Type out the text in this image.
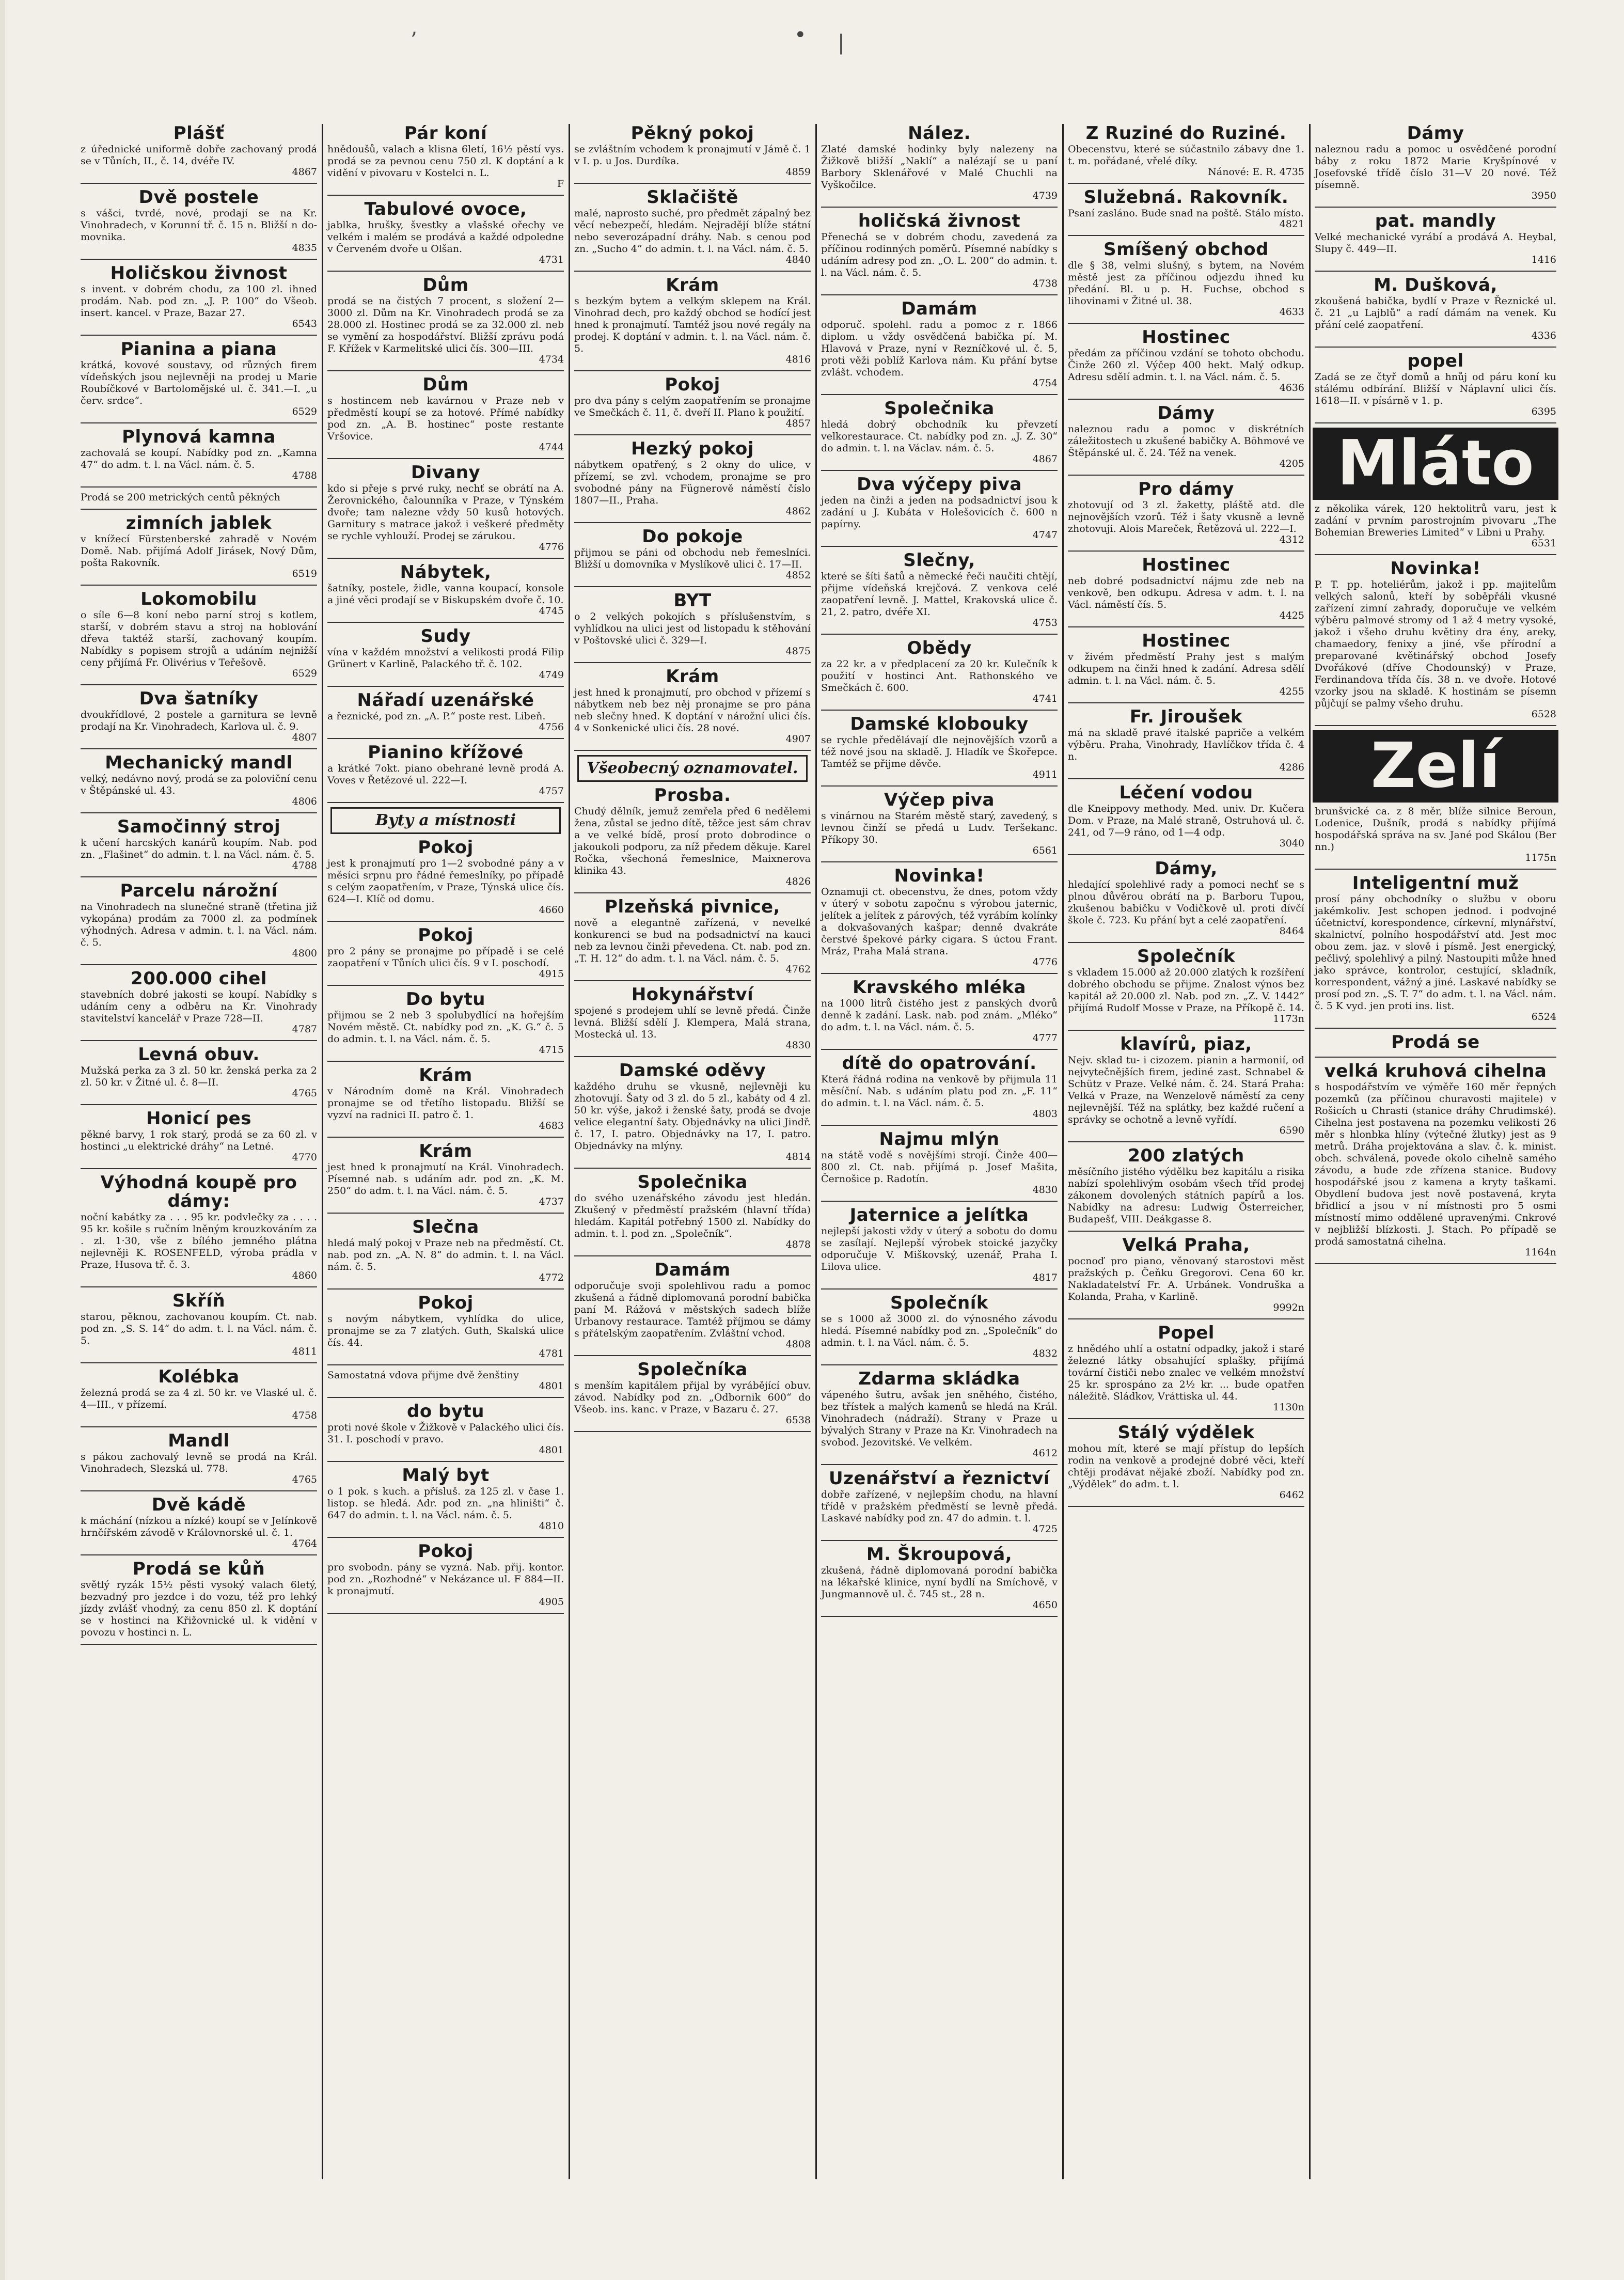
’	• |
Plášť

z úřednické uniformě dobře zachovaný prodá se v Tůních, II., č. 14, dvéře IV.

4867
Dvě postele

s vášci, tvrdé, nové, prodají se na Kr. Vinohradech, v Korunní tř. č. 15 n. Bližší n do-movnika.

4835
Holičskou živnost

s invent. v dobrém chodu, za 100 zl. ihned prodám. Nab. pod zn. „J. P. 100“ do Všeob. insert. kancel. v Praze, Bazar 27.

6543
Pianina a piana

krátká, kovové soustavy, od různých firem vídeňských jsou nejlevněji na prodej u Marie Roubíčkové v Bartolomějské ul. č. 341.—I. „u červ. srdce“.

6529
Plynová kamna

zachovalá se koupí. Nabídky pod zn. „Kamna 47“ do adm. t. l. na Václ. nám. č. 5.

4788

Prodá se 200 metrických centů pěkných

zimních jablek

v knížecí Fürstenberské zahradě v Novém Domě. Nab. přijímá Adolf Jirásek, Nový Dům, pošta Rakovník.

6519
Lokomobilu

o síle 6—8 koní nebo parní stroj s kotlem, starší, v dobrém stavu a stroj na hoblování dřeva taktéž starší, zachovaný koupím. Nabídky s popisem strojů a udáním nejnižší ceny přijímá Fr. Olivérius v Teřešově.

6529
Dva šatníky

dvoukřídlové, 2 postele a garnitura se levně prodají na Kr. Vinohradech, Karlova ul. č. 9.

4807
Mechanický mandl

velký, nedávno nový, prodá se za poloviční cenu v Štěpánské ul. 43.

4806
Samočinný stroj

k učení harcských kanárů koupím. Nab. pod zn. „Flašinet“ do admin. t. l. na Václ. nám. č. 5.

4788
Parcelu nárožní

na Vinohradech na slunečné straně (třetina již vykopána) prodám za 7000 zl. za podmínek výhodných. Adresa v admin. t. l. na Václ. nám. č. 5.

4800
200.000 cihel

stavebních dobré jakosti se koupí. Nabídky s udáním ceny a odběru na Kr. Vinohrady stavitelství kancelář v Praze 728—II.

4787
Levná obuv.

Mužská perka za 3 zl. 50 kr. ženská perka za 2 zl. 50 kr. v Žitné ul. č. 8—II.

4765
Honicí pes

pěkné barvy, 1 rok starý, prodá se za 60 zl. v hostinci „u elektrické dráhy“ na Letné.

4770
Výhodná koupě pro dámy:

noční kabátky za . . . 95 kr. podvlečky za . . . . 95 kr. košile s ručním lněným krouzkováním za . zl. 1·30, vše z bílého jemného plátna nejlevněji K. ROSENFELD, výroba prádla v Praze, Husova tř. č. 3.

4860
Skříň

starou, pěknou, zachovanou koupím. Ct. nab. pod zn. „S. S. 14“ do adm. t. l. na Václ. nám. č. 5.

4811
Kolébka

železná prodá se za 4 zl. 50 kr. ve Vlaské ul. č. 4—III., v přízemí.

4758
Mandl

s pákou zachovalý levně se prodá na Král. Vinohradech, Slezská ul. 778.

4765
Dvě kádě

k máchání (nízkou a nízké) koupí se v Jelínkově hrnčířském závodě v Královnorské ul. č. 1.

4764
Prodá se kůň

světlý ryzák 15½ pěsti vysoký valach 6letý, bezvadný pro jezdce i do vozu, též pro lehký jízdy zvlášť vhodný, za cenu 850 zl. K doptání se v hostinci na Křižovnické ul. k vidění v povozu v hostinci n. L.

Pár koní

hnědoušů, valach a klisna 6letí, 16½ pěstí vys. prodá se za pevnou cenu 750 zl. K doptání a k vidění v pivovaru v Kostelci n. L.

F
Tabulové ovoce,

jablka, hrušky, švestky a vlašské ořechy ve velkém i malém se prodává a každé odpoledne v Červeném dvoře u Olšan.

4731
Dům

prodá se na čistých 7 procent, s složení 2—3000 zl. Dům na Kr. Vinohradech prodá se za 28.000 zl. Hostinec prodá se za 32.000 zl. neb se vymění za hospodářství. Bližší zprávu podá F. Křížek v Karmelitské ulici čís. 300—III.

4734
Dům

s hostincem neb kavárnou v Praze neb v předměstí koupí se za hotové. Přímé nabídky pod zn. „A. B. hostinec“ poste restante Vršovice.

4744
Divany

kdo si přeje s prvé ruky, nechť se obrátí na A. Žerovnického, čalounníka v Praze, v Týnském dvoře; tam nalezne vždy 50 kusů hotových. Garnitury s matrace jakož i veškeré předměty se rychle vyhlouží. Prodej se zárukou.

4776
Nábytek,

šatníky, postele, židle, vanna koupací, konsole a jiné věci prodají se v Biskupském dvoře č. 10.

4745
Sudy

vína v každém množství a velikosti prodá Filip Grünert v Karlině, Palackého tř. č. 102.

4749
Nářadí uzenářské

a řeznické, pod zn. „A. P.“ poste rest. Libeň.

4756
Pianino křížové

a krátké 7okt. piano obehrané levně prodá A. Voves v Řetězové ul. 222—I.

4757
Byty a místnosti
Pokoj

jest k pronajmutí pro 1—2 svobodné pány a v měsíci srpnu pro řádné řemeslníky, po případě s celým zaopatřením, v Praze, Týnská ulice čís. 624—I. Klíč od domu.

4660
Pokoj

pro 2 pány se pronajme po případě i se celé zaopatření v Tůních ulici čís. 9 v I. poschodí.

4915
Do bytu

přijmou se 2 neb 3 spolubydlící na hořejším Novém městě. Ct. nabídky pod zn. „K. G.“ č. 5 do admin. t. l. na Václ. nám. č. 5.

4715
Krám

v Národním domě na Král. Vinohradech pronajme se od třetího listopadu. Bližší se vyzví na radnici II. patro č. 1.

4683
Krám

jest hned k pronajmutí na Král. Vinohradech. Písemné nab. s udáním adr. pod zn. „K. M. 250“ do adm. t. l. na Václ. nám. č. 5.

4737
Slečna

hledá malý pokoj v Praze neb na předměstí. Ct. nab. pod zn. „A. N. 8“ do admin. t. l. na Václ. nám. č. 5.

4772
Pokoj

s novým nábytkem, vyhlídka do ulice, pronajme se za 7 zlatých. Guth, Skalská ulice čís. 44.

4781

Samostatná vdova přijme dvě ženštiny

4801
do bytu

proti nové škole v Žižkově v Palackého ulici čís. 31. I. poschodí v pravo.

4801
Malý byt

o 1 pok. s kuch. a přísluš. za 125 zl. v čase 1. listop. se hledá. Adr. pod zn. „na hliništi“ č. 647 do admin. t. l. na Václ. nám. č. 5.

4810
Pokoj

pro svobodn. pány se vyzná. Nab. přij. kontor. pod zn. „Rozhodné“ v Nekázance ul. F 884—II. k pronajmutí.

4905
Pěkný pokoj

se zvláštním vchodem k pronajmutí v Jámě č. 1 v I. p. u Jos. Durdíka.

4859
Sklačiště

malé, naprosto suché, pro předmět zápalný bez věcí nebezpečí, hledám. Nejradějí blíže státní nebo severozápadní dráhy. Nab. s cenou pod zn. „Sucho 4“ do admin. t. l. na Václ. nám. č. 5.

4840
Krám

s bezkým bytem a velkým sklepem na Král. Vinohrad dech, pro každý obchod se hodící jest hned k pronajmutí. Tamtéž jsou nové regály na prodej. K doptání v admin. t. l. na Václ. nám. č. 5.

4816
Pokoj

pro dva pány s celým zaopatřením se pronajme ve Smečkách č. 11, č. dveří II. Plano k použití.

4857
Hezký pokoj

nábytkem opatřený, s 2 okny do ulice, v přízemí, se zvl. vchodem, pronajme se pro svobodné pány na Fügnerově náměstí číslo 1807—II., Praha.

4862
Do pokoje

přijmou se páni od obchodu neb řemeslníci. Bližší u domovníka v Myslíkově ulici č. 17—II.

4852
BYT

o 2 velkých pokojích s příslušenstvím, s vyhlídkou na ulici jest od listopadu k stěhování v Poštovské ulici č. 329—I.

4875
Krám

jest hned k pronajmutí, pro obchod v přízemí s nábytkem neb bez něj pronajme se pro pána neb slečny hned. K doptání v nárožní ulici čís. 4 v Sonkenické ulici čís. 28 nové.

4907
Všeobecný oznamovatel.
Prosba.

Chudý dělník, jemuž zemřela před 6 nedělemi žena, zůstal se jedno dítě, těžce jest sám chrav a ve velké bídě, prosí proto dobrodince o jakoukoli podporu, za níž předem děkuje. Karel Ročka, všechoná řemeslnice, Maixnerova klinika 43.

4826
Plzeňská pivnice,

nově a elegantně zařízená, v nevelké konkurenci se bud na podsadnictví na kauci neb za levnou činži převedena. Ct. nab. pod zn. „T. H. 12“ do adm. t. l. na Václ. nám. č. 5.

4762
Hokynářství

spojené s prodejem uhlí se levně předá. Činže levná. Bližší sdělí J. Klempera, Malá strana, Mostecká ul. 13.

4830
Damské oděvy

každého druhu se vkusně, nejlevněji ku zhotovují. Šaty od 3 zl. do 5 zl., kabáty od 4 zl. 50 kr. výše, jakož i ženské šaty, prodá se dvoje velice elegantní šaty. Objednávky na ulici Jindř. č. 17, I. patro. Objednávky na 17, I. patro. Objednávky na mlýny.

4814
Společnika

do svého uzenářského závodu jest hledán. Zkušený v předměstí pražském (hlavní třída) hledám. Kapitál potřebný 1500 zl. Nabídky do admin. t. l. pod zn. „Společník“.

4878
Damám

odporučuje svoji spolehlivou radu a pomoc zkušená a řádně diplomovaná porodní babička paní M. Rážová v městských sadech blíže Urbanovy restaurace. Tamtéž příjmou se dámy s přátelským zaopatřením. Zvláštní vchod.

4808
Společníka

s menším kapitálem přijal by vyrábějící obuv. závod. Nabídky pod zn. „Odbornik 600“ do Všeob. ins. kanc. v Praze, v Bazaru č. 27.

6538
Nález.

Zlaté damské hodinky byly nalezeny na Žižkově bližší „Naklí“ a nalézají se u paní Barbory Sklenářové v Malé Chuchli na Vyškočilce.

4739
holičská živnost

Přenechá se v dobrém chodu, zavedená za příčinou rodinných poměrů. Písemné nabídky s udáním adresy pod zn. „O. L. 200“ do admin. t. l. na Václ. nám. č. 5.

4738
Damám

odporuč. spolehl. radu a pomoc z r. 1866 diplom. u vždy osvědčená babička pí. M. Hlavová v Praze, nyní v Rezníčkové ul. č. 5, proti věži poblíž Karlova nám. Ku přání bytse zvlášt. vchodem.

4754
Společnika

hledá dobrý obchodník ku převzetí velkorestaurace. Ct. nabídky pod zn. „J. Z. 30“ do admin. t. l. na Václav. nám. č. 5.

4867
Dva výčepy piva

jeden na činži a jeden na podsadnictví jsou k zadání u J. Kubáta v Holešovicích č. 600 n papírny.

4747
Slečny,

které se šíti šatů a německé řeči naučiti chtějí, přijme vídeňská krejčová. Z venkova celé zaopatření levně. J. Mattel, Krakovská ulice č. 21, 2. patro, dvéře XI.

4753
Obědy

za 22 kr. a v předplacení za 20 kr. Kulečník k použití v hostinci Ant. Rathonského ve Smečkách č. 600.

4741
Damské klobouky

se rychle předělávají dle nejnovějších vzorů a též nové jsou na skladě. J. Hladík ve Škořepce. Tamtéž se přijme děvče.

4911
Výčep piva

s vinárnou na Starém městě starý, zavedený, s levnou činží se předá u Ludv. Teršekanc. Příkopy 30.

6561
Novinka!

Oznamuji ct. obecenstvu, že dnes, potom vždy v úterý v sobotu započnu s výrobou jaternic, jelítek a jelítek z párových, též vyrábím kolínky a dokvašovaných kašpar; denně dvakráte čerstvé špekové párky cigara. S úctou Frant. Mráz, Praha Malá strana.

4776
Kravského mléka

na 1000 litrů čistého jest z panských dvorů denně k zadání. Lask. nab. pod znám. „Mléko“ do adm. t. l. na Václ. nám. č. 5.

4777
dítě do opatrování.

Která řádná rodina na venkově by přijmula 11 měsíční. Nab. s udáním platu pod zn. „F. 11“ do admin. t. l. na Václ. nám. č. 5.

4803
Najmu mlýn

na státě vodě s novějšími strojí. Činže 400—800 zl. Ct. nab. přijímá p. Josef Mašita, Černošice p. Radotín.

4830
Jaternice a jelítka

nejlepší jakosti vždy v úterý a sobotu do domu se zasílají. Nejlepší výrobek stoické jazyčky odporučuje V. Miškovský, uzenář, Praha I. Lilova ulice.

4817
Společník

se s 1000 až 3000 zl. do výnosného závodu hledá. Písemné nabídky pod zn. „Společník“ do admin. t. l. na Václ. nám. č. 5.

4832
Zdarma skládka

vápeného šutru, avšak jen sněhého, čistého, bez třístek a malých kamenů se hledá na Král. Vinohradech (nádraží). Strany v Praze u bývalých Strany v Praze na Kr. Vinohradech na svobod. Jezovitské. Ve velkém.

4612
Uzenářství a řeznictví

dobře zařízené, v nejlepším chodu, na hlavní třídě v pražském předměstí se levně předá. Laskavé nabídky pod zn. 47 do admin. t. l.

4725
M. Škroupová,

zkušená, řádně diplomovaná porodní babička na lékařské klinice, nyní bydlí na Smíchově, v Jungmannově ul. č. 745 st., 28 n.

4650
Z Ruziné do Ruziné.

Obecenstvu, které se súčastnilo zábavy dne 1. t. m. pořádané, vřelé díky.

Nánové: E. R. 4735
Služebná. Rakovník.

Psaní zasláno. Bude snad na poště. Stálo místo.

4821
Smíšený obchod

dle § 38, velmi slušný, s bytem, na Novém městě jest za příčinou odjezdu ihned ku předání. Bl. u p. H. Fuchse, obchod s lihovinami v Žitné ul. 38.

4633
Hostinec

předám za příčinou vzdání se tohoto obchodu. Činže 260 zl. Výčep 400 hekt. Malý odkup. Adresu sdělí admin. t. l. na Václ. nám. č. 5.

4636
Dámy

naleznou radu a pomoc v diskrétních záležitostech u zkušené babičky A. Böhmové ve Štěpánské ul. č. 24. Též na venek.

4205
Pro dámy

zhotovují od 3 zl. žaketty, pláště atd. dle nejnovějších vzorů. Též i šaty vkusně a levně zhotovuji. Alois Mareček, Řetězová ul. 222—I.

4312
Hostinec

neb dobré podsadnictví nájmu zde neb na venkově, ben odkupu. Adresa v adm. t. l. na Václ. náměstí čís. 5.

4425
Hostinec

v živém předměstí Prahy jest s malým odkupem na činži hned k zadání. Adresa sdělí admin. t. l. na Václ. nám. č. 5.

4255
Fr. Jiroušek

má na skladě pravé italské papriče a velkém výběru. Praha, Vinohrady, Havlíčkov třída č. 4 n.

4286
Léčení vodou

dle Kneippovy methody. Med. univ. Dr. Kučera Dom. v Praze, na Malé straně, Ostruhová ul. č. 241, od 7—9 ráno, od 1—4 odp.

3040
Dámy,

hledající spolehlivé rady a pomoci nechť se s plnou důvěrou obrátí na p. Barboru Tupou, zkušenou babičku v Vodičkově ul. proti dívčí škole č. 723. Ku přání byt a celé zaopatření.

8464
Společník

s vkladem 15.000 až 20.000 zlatých k rozšíření dobrého obchodu se přijme. Znalost výnos bez kapitál až 20.000 zl. Nab. pod zn. „Z. V. 1442“ přijímá Rudolf Mosse v Praze, na Příkopě č. 14.

1173n
klavírů, piaz,

Nejv. sklad tu- i cizozem. pianin a harmonií, od nejvytečnějších firem, jediné zast. Schnabel & Schütz v Praze. Velké nám. č. 24. Stará Praha: Velká v Praze, na Wenzelově náměstí za ceny nejlevnější. Též na splátky, bez každé ručení a správky se ochotně a levně vyřídí.

6590
200 zlatých

měsíčního jistého výdělku bez kapitálu a risika nabízí spolehlivým osobám všech tříd prodej zákonem dovolených státních papírů a los. Nabídky na adresu: Ludwig Österreicher, Budapešť, VIII. Deákgasse 8.

Velká Praha,

pocnoď pro piano, věnovaný starostovi měst pražských p. Čeňku Gregorovi. Cena 60 kr. Nakladatelství Fr. A. Urbánek. Vondruška a Kolanda, Praha, v Karlině.

9992n
Popel

z hnědého uhlí a ostatní odpadky, jakož i staré železné látky obsahující splašky, přijímá tovární čističi nebo znalec ve velkém množství 25 kr. sprospáno za 2½ kr. ... bude opatřen náležitě. Sládkov, Vráttiska ul. 44.

1130n
Stálý výdělek

mohou mít, které se mají přístup do lepších rodin na venkově a prodejné dobré věci, kteří chtěji prodávat nějaké zboží. Nabídky pod zn. „Výdělek“ do adm. t. l.

6462
Dámy

naleznou radu a pomoc u osvědčené porodní báby z roku 1872 Marie Kryšpínové v Josefovské třídě číslo 31—V 20 nové. Též písemně.

3950
pat. mandly

Velké mechanické vyrábí a prodává A. Heybal, Slupy č. 449—II.

1416
M. Dušková,

zkoušená babička, bydlí v Praze v Řeznické ul. č. 21 „u Lajblů“ a radí dámám na venek. Ku přání celé zaopatření.

4336
popel

Zadá se ze čtyř domů a hnůj od páru koní ku stálému odbírání. Bližší v Náplavní ulici čís. 1618—II. v písárně v 1. p.

6395
Mláto

z několika várek, 120 hektolitrů varu, jest k zadání v prvním parostrojním pivovaru „The Bohemian Breweries Limited“ v Libni u Prahy.

6531
Novinka!

P. T. pp. hoteliérům, jakož i pp. majitelům velkých salonů, kteří by soběpřáli vkusné zařízení zimní zahrady, doporučuje ve velkém výběru palmové stromy od 1 až 4 metry vysoké, jakož i všeho druhu květiny dra ény, areky, chamaedory, fenixy a jiné, vše přírodní a preparované květinářský obchod Josefy Dvořákové (dříve Chodounský) v Praze, Ferdinandova třída čís. 38 n. ve dvoře. Hotové vzorky jsou na skladě. K hostinám se písemn půjčují se palmy všeho druhu.

6528
Zelí

brunšvické ca. z 8 měr, blíže silnice Beroun, Lodenice, Dušník, prodá s nabídky přijímá hospodářská správa na sv. Jané pod Skálou (Ber nn.)

1175n
Inteligentní muž

prosí pány obchodníky o službu v oboru jakémkoliv. Jest schopen jednod. i podvojné účetnictví, korespondence, církevní, mlynářství, skalnictví, polního hospodářství atd. Jest moc obou zem. jaz. v slově i písmě. Jest energický, pečlivý, spolehlivý a pilný. Nastoupiti může hned jako správce, kontrolor, cestující, skladník, korrespondent, vážný a jiné. Laskavé nabídky se prosí pod zn. „S. T. 7“ do adm. t. l. na Václ. nám. č. 5 K vyd. jen proti ins. list.

6524
Prodá se
velká kruhová cihelna

s hospodářstvím ve výměře 160 měr řepných pozemků (za příčinou churavosti majitele) v Rošicích u Chrasti (stanice dráhy Chrudimské). Cihelna jest postavena na pozemku velikosti 26 měr s hlonbka hlíny (výtečné žlutky) jest as 9 metrů. Dráha projektována a slav. č. k. minist. obch. schválená, povede okolo cihelně samého závodu, a bude zde zřízena stanice. Budovy hospodářské jsou z kamena a kryty taškami. Obydlení budova jest nově postavená, kryta břidlicí a jsou v ní místnosti pro 5 osmi místností mimo oddělené upravenými. Cnkrové v nejbližší blízkosti. J. Stach. Po případě se prodá samostatná cihelna.

1164n
